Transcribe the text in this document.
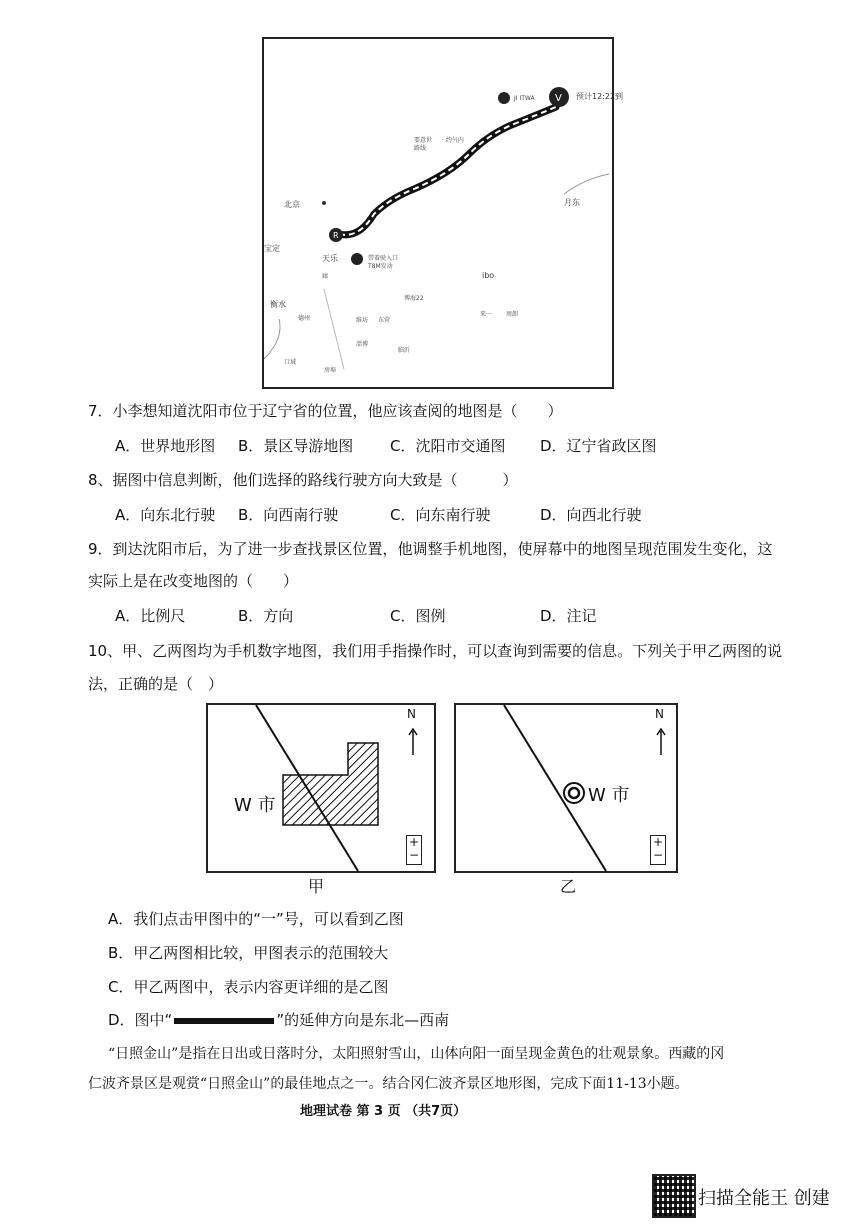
R
V
JI ITWA	预计12:22到
要意世
路线
· 约气内
北京	月东
宝定
天乐	带着驶入口
T8M发动
廊	ibo
博海22
衡水
德州	维坊 东营
来一 周卸
淄博
临沂
口域
房埠
7．小李想知道沈阳市位于辽宁省的位置，他应该查阅的地图是（　　）
A．世界地形图 B．景区导游地图 C．沈阳市交通图 D．辽宁省政区图
8、据图中信息判断，他们选择的路线行驶方向大致是（　　　）
A．向东北行驶 B．向西南行驶	C．向东南行驶	D．向西北行驶
9．到达沈阳市后，为了进一步查找景区位置，他调整手机地图，使屏幕中的地图呈现范围发生变化，这
实际上是在改变地图的（　　）
A．比例尺	B．方向	C．图例	D．注记
10、甲、乙两图均为手机数字地图，我们用手指操作时，可以查询到需要的信息。下列关于甲乙两图的说
法，正确的是（　）
W 市
N
+
−
甲
W 市
N
+
−
乙
A．我们点击甲图中的“一”号，可以看到乙图
B．甲乙两图相比较，甲图表示的范围较大
C．甲乙两图中，表示内容更详细的是乙图
D．图中“	”的延伸方向是东北—西南
“日照金山”是指在日出或日落时分，太阳照射雪山，山体向阳一面呈现金黄色的壮观景象。西藏的冈
仁波齐景区是观赏“日照金山”的最佳地点之一。结合冈仁波齐景区地形图，完成下面11-13小题。
地理试卷 第 3 页 （共7页）
扫描全能王 创建
